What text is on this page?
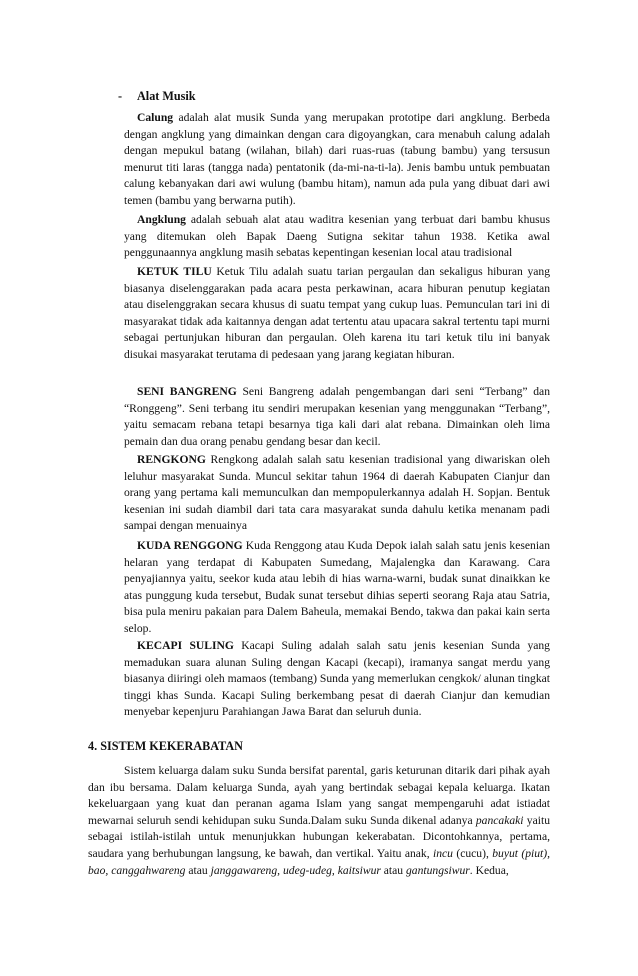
- Alat Musik

Calung adalah alat musik Sunda yang merupakan prototipe dari angklung. Berbeda dengan angklung yang dimainkan dengan cara digoyangkan, cara menabuh calung adalah dengan mepukul batang (wilahan, bilah) dari ruas-ruas (tabung bambu) yang tersusun menurut titi laras (tangga nada) pentatonik (da-mi-na-ti-la). Jenis bambu untuk pembuatan calung kebanyakan dari awi wulung (bambu hitam), namun ada pula yang dibuat dari awi temen (bambu yang berwarna putih).

Angklung adalah sebuah alat atau waditra kesenian yang terbuat dari bambu khusus yang ditemukan oleh Bapak Daeng Sutigna sekitar tahun 1938. Ketika awal penggunaannya angklung masih sebatas kepentingan kesenian local atau tradisional

KETUK TILU Ketuk Tilu adalah suatu tarian pergaulan dan sekaligus hiburan yang biasanya diselenggarakan pada acara pesta perkawinan, acara hiburan penutup kegiatan atau diselenggrakan secara khusus di suatu tempat yang cukup luas. Pemunculan tari ini di masyarakat tidak ada kaitannya dengan adat tertentu atau upacara sakral tertentu tapi murni sebagai pertunjukan hiburan dan pergaulan. Oleh karena itu tari ketuk tilu ini banyak disukai masyarakat terutama di pedesaan yang jarang kegiatan hiburan.

SENI BANGRENG Seni Bangreng adalah pengembangan dari seni “Terbang” dan “Ronggeng”. Seni terbang itu sendiri merupakan kesenian yang menggunakan “Terbang”, yaitu semacam rebana tetapi besarnya tiga kali dari alat rebana. Dimainkan oleh lima pemain dan dua orang penabu gendang besar dan kecil.

RENGKONG Rengkong adalah salah satu kesenian tradisional yang diwariskan oleh leluhur masyarakat Sunda. Muncul sekitar tahun 1964 di daerah Kabupaten Cianjur dan orang yang pertama kali memunculkan dan mempopulerkannya adalah H. Sopjan. Bentuk kesenian ini sudah diambil dari tata cara masyarakat sunda dahulu ketika menanam padi sampai dengan menuainya

KUDA RENGGONG Kuda Renggong atau Kuda Depok ialah salah satu jenis kesenian helaran yang terdapat di Kabupaten Sumedang, Majalengka dan Karawang. Cara penyajiannya yaitu, seekor kuda atau lebih di hias warna-warni, budak sunat dinaikkan ke atas punggung kuda tersebut, Budak sunat tersebut dihias seperti seorang Raja atau Satria, bisa pula meniru pakaian para Dalem Baheula, memakai Bendo, takwa dan pakai kain serta selop.

KECAPI SULING Kacapi Suling adalah salah satu jenis kesenian Sunda yang memadukan suara alunan Suling dengan Kacapi (kecapi), iramanya sangat merdu yang biasanya diiringi oleh mamaos (tembang) Sunda yang memerlukan cengkok/ alunan tingkat tinggi khas Sunda. Kacapi Suling berkembang pesat di daerah Cianjur dan kemudian menyebar kepenjuru Parahiangan Jawa Barat dan seluruh dunia.

4. SISTEM KEKERABATAN

Sistem keluarga dalam suku Sunda bersifat parental, garis keturunan ditarik dari pihak ayah dan ibu bersama. Dalam keluarga Sunda, ayah yang bertindak sebagai kepala keluarga. Ikatan kekeluargaan yang kuat dan peranan agama Islam yang sangat mempengaruhi adat istiadat mewarnai seluruh sendi kehidupan suku Sunda.Dalam suku Sunda dikenal adanya pancakaki yaitu sebagai istilah-istilah untuk menunjukkan hubungan kekerabatan. Dicontohkannya, pertama, saudara yang berhubungan langsung, ke bawah, dan vertikal. Yaitu anak, incu (cucu), buyut (piut), bao, canggahwareng atau janggawareng, udeg-udeg, kaitsiwur atau gantungsiwur. Kedua,
